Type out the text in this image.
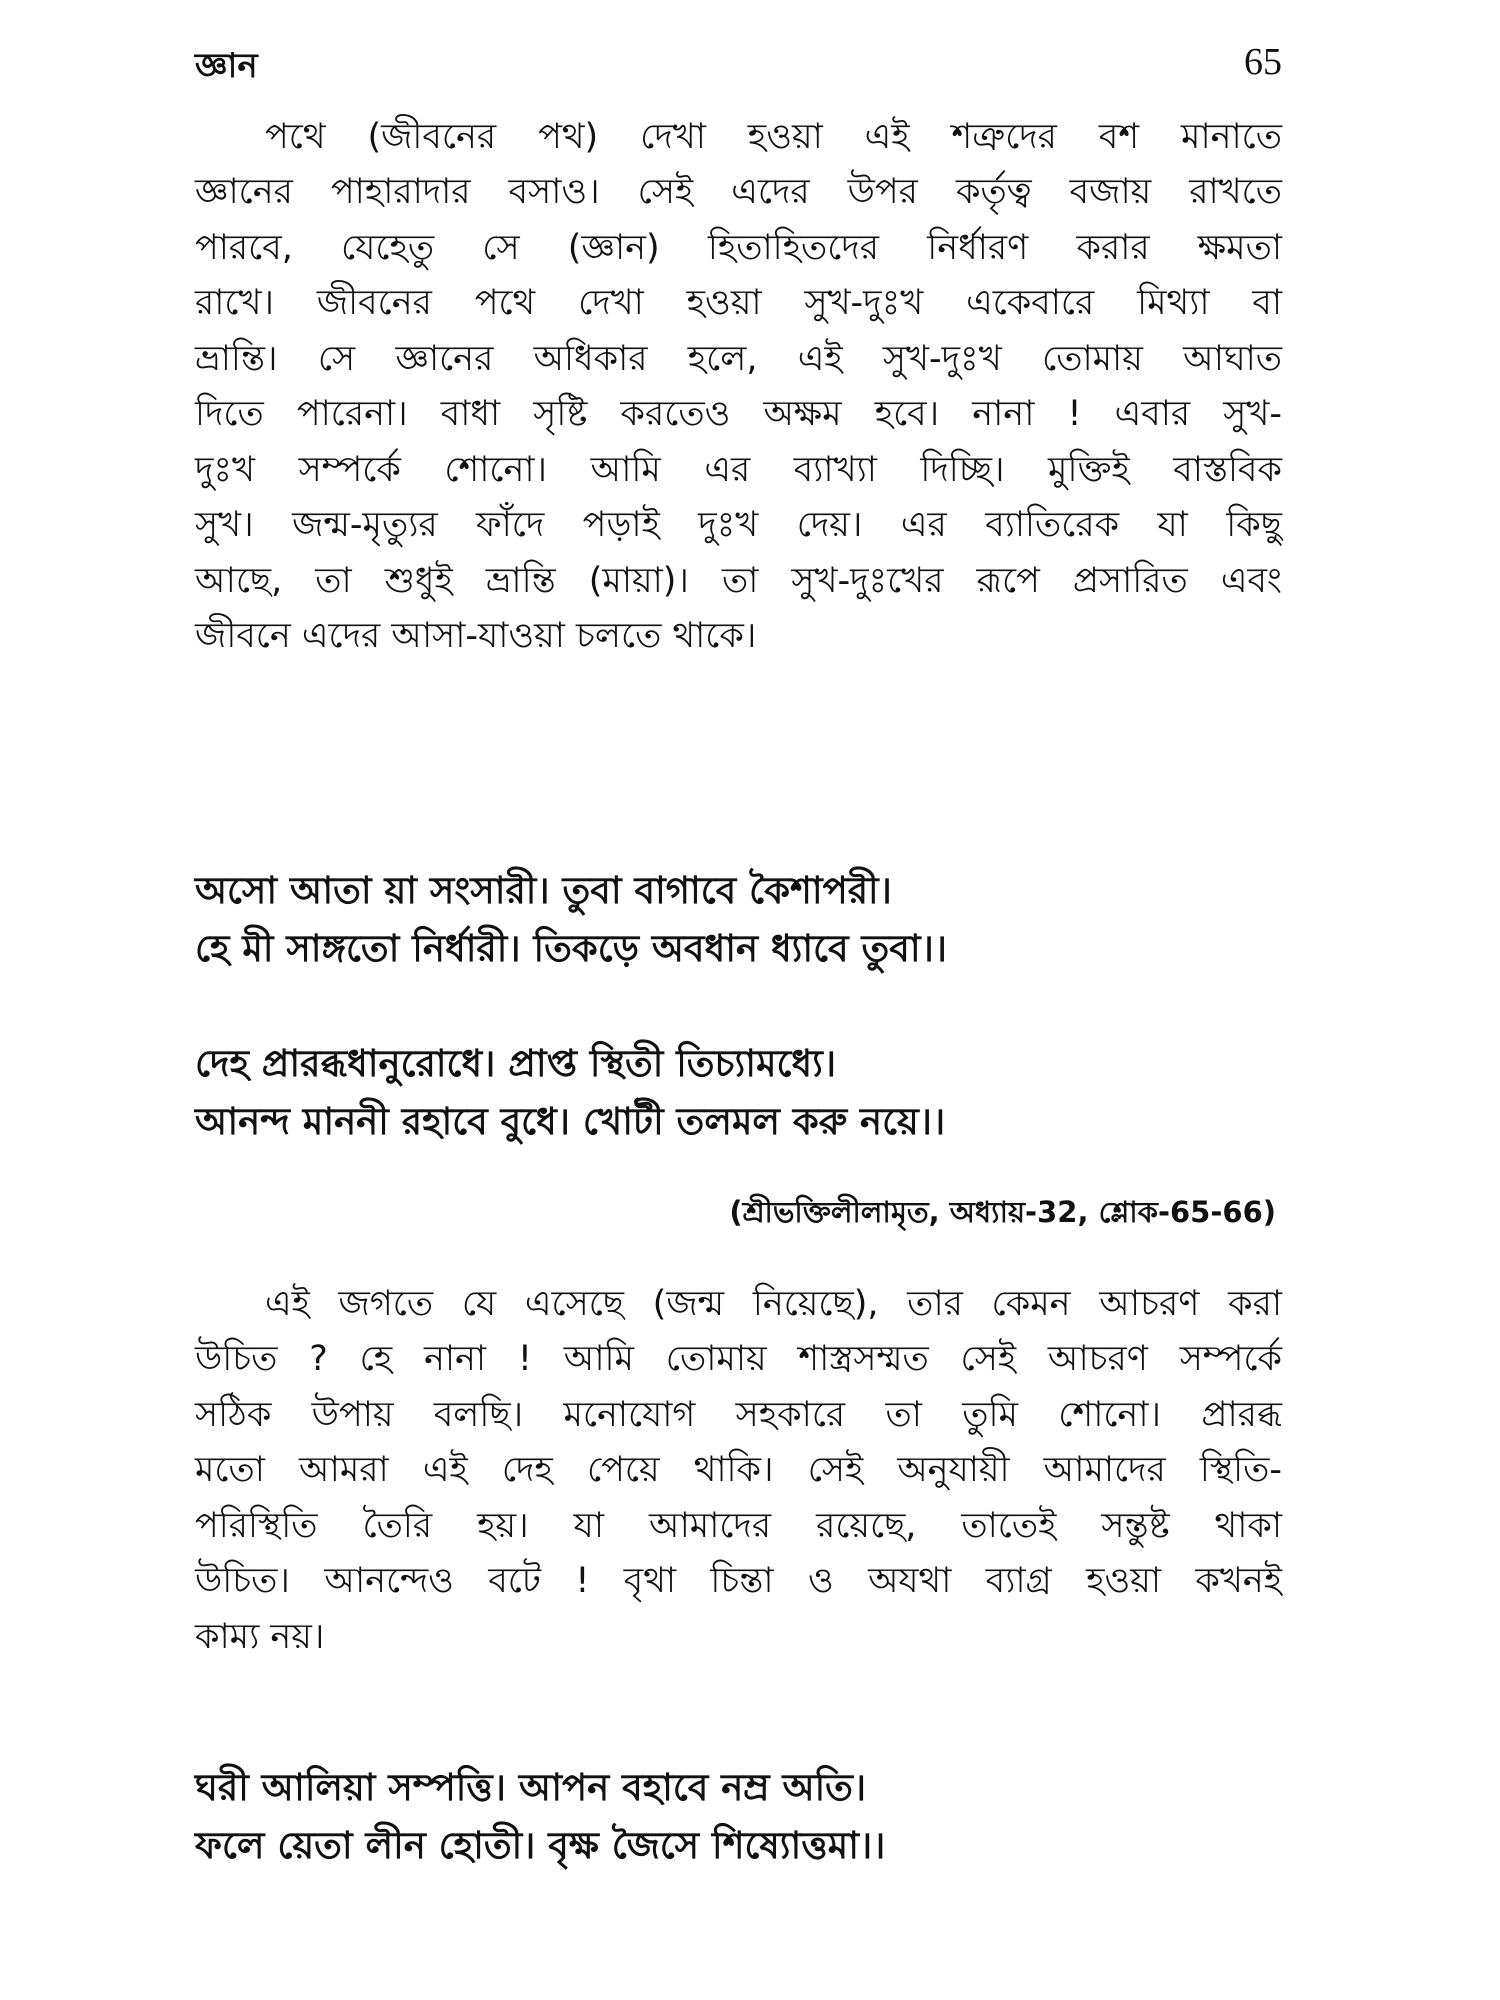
জ্ঞান	65
পথে (জীবনের পথ) দেখা হওয়া এই শত্রুদের বশ মানাতে
জ্ঞানের পাহারাদার বসাও। সেই এদের উপর কর্তৃত্ব বজায় রাখতে
পারবে, যেহেতু সে (জ্ঞান) হিতাহিতদের নির্ধারণ করার ক্ষমতা
রাখে। জীবনের পথে দেখা হওয়া সুখ-দুঃখ একেবারে মিথ্যা বা
ভ্রান্তি। সে জ্ঞানের অধিকার হলে, এই সুখ-দুঃখ তোমায় আঘাত
দিতে পারেনা। বাধা সৃষ্টি করতেও অক্ষম হবে। নানা ! এবার সুখ-
দুঃখ সম্পর্কে শোনো। আমি এর ব্যাখ্যা দিচ্ছি। মুক্তিই বাস্তবিক
সুখ। জন্ম-মৃত্যুর ফাঁদে পড়াই দুঃখ দেয়। এর ব্যাতিরেক যা কিছু
আছে, তা শুধুই ভ্রান্তি (মায়া)। তা সুখ-দুঃখের রূপে প্রসারিত এবং
জীবনে এদের আসা-যাওয়া চলতে থাকে।
অসো আতা য়া সংসারী। তুবা বাগাবে কৈশাপরী।
হে মী সাঙ্গতো নির্ধারী। তিকড়ে অবধান ধ্যাবে তুবা।।
দেহ প্রারব্ধধানুরোধে। প্রাপ্ত স্থিতী তিচ্যামধ্যে।
আনন্দ মাননী রহাবে বুধে। খোটী তলমল করু নয়ে।।
(শ্রীভক্তিলীলামৃত, অধ্যায়-32, শ্লোক-65-66)
এই জগতে যে এসেছে (জন্ম নিয়েছে), তার কেমন আচরণ করা
উচিত ? হে নানা ! আমি তোমায় শাস্ত্রসম্মত সেই আচরণ সম্পর্কে
সঠিক উপায় বলছি। মনোযোগ সহকারে তা তুমি শোনো। প্রারব্ধ
মতো আমরা এই দেহ পেয়ে থাকি। সেই অনুযায়ী আমাদের স্থিতি-
পরিস্থিতি তৈরি হয়। যা আমাদের রয়েছে, তাতেই সন্তুষ্ট থাকা
উচিত। আনন্দেও বটে ! বৃথা চিন্তা ও অযথা ব্যাগ্র হওয়া কখনই
কাম্য নয়।
ঘরী আলিয়া সম্পত্তি। আপন বহাবে নম্র অতি।
ফলে য়েতা লীন হোতী। বৃক্ষ জৈসে শিষ্যোত্তমা।।
